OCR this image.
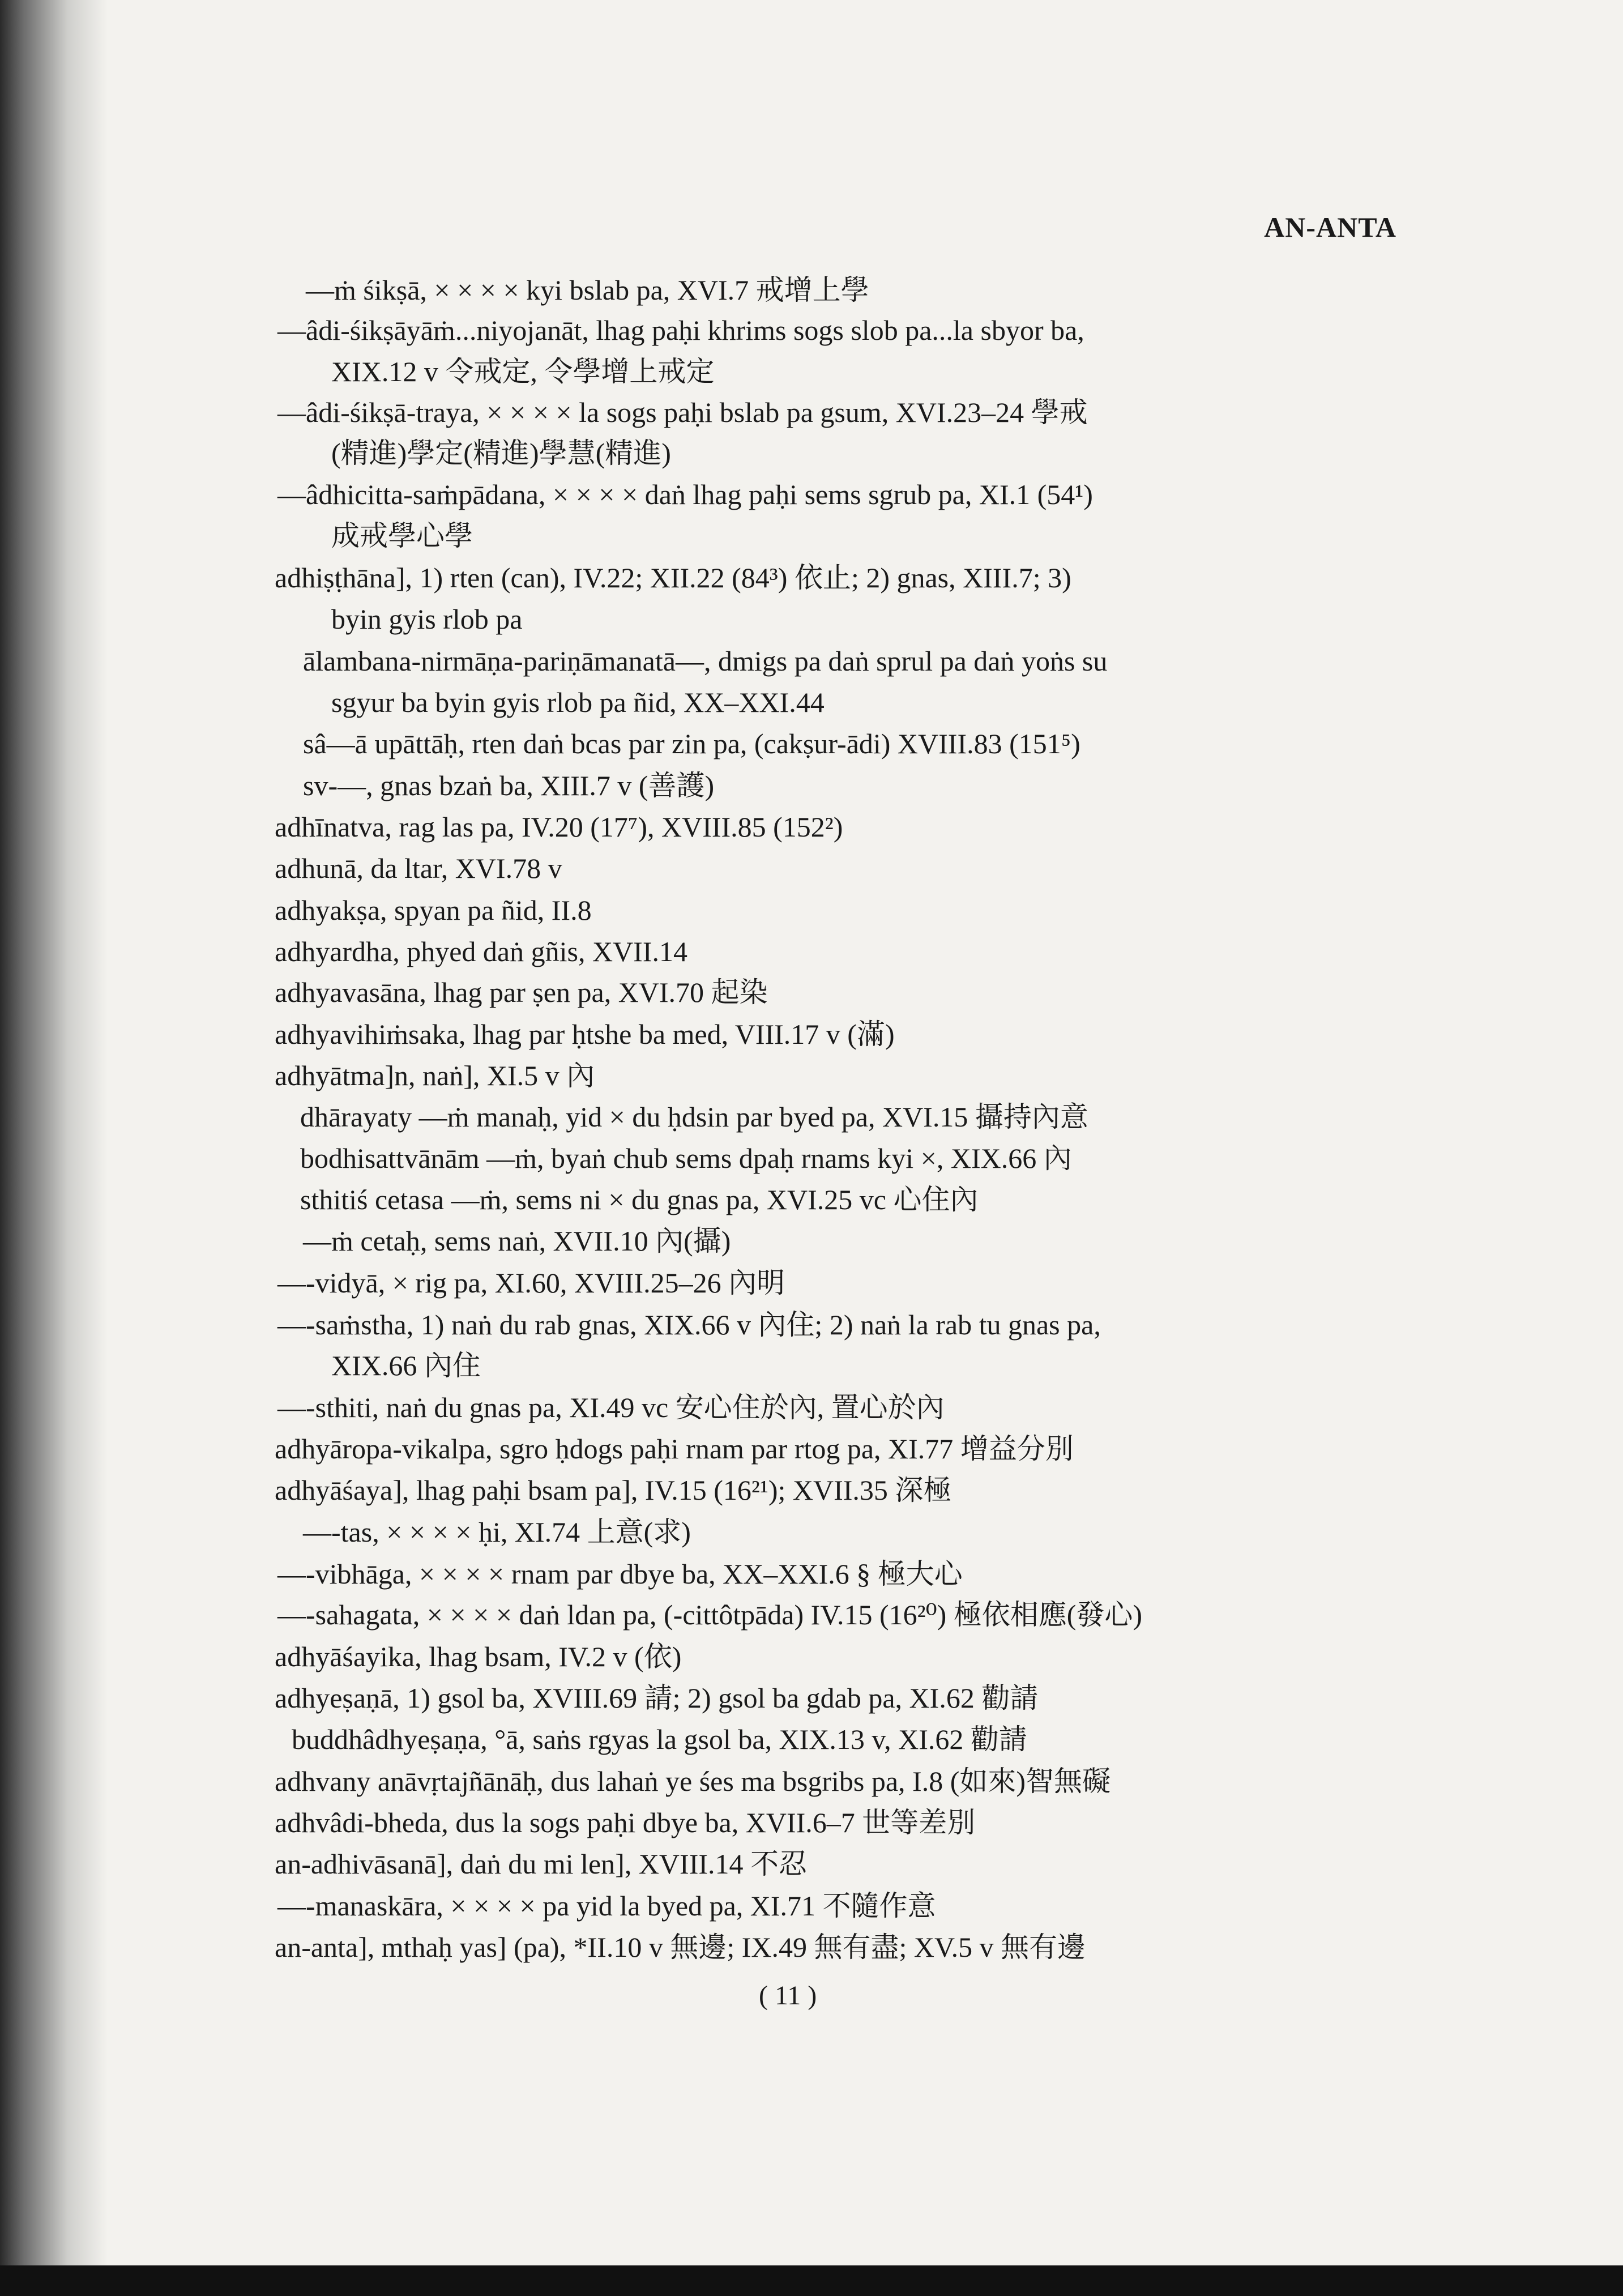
AN-ANTA
—ṁ śikṣā, × × × × kyi bslab pa, XVI.7 戒增上學
—âdi-śikṣāyāṁ...niyojanāt, lhag paḥi khrims sogs slob pa...la sbyor ba,
XIX.12 v 令戒定, 令學增上戒定
—âdi-śikṣā-traya, × × × × la sogs paḥi bslab pa gsum, XVI.23–24 學戒
(精進)學定(精進)學慧(精進)
—âdhicitta-saṁpādana, × × × × daṅ lhag paḥi sems sgrub pa, XI.1 (54¹)
成戒學心學
adhiṣṭhāna], 1) rten (can), IV.22; XII.22 (84³) 依止; 2) gnas, XIII.7; 3)
byin gyis rlob pa
ālambana-nirmāṇa-pariṇāmanatā—, dmigs pa daṅ sprul pa daṅ yoṅs su
sgyur ba byin gyis rlob pa ñid, XX–XXI.44
sâ—ā upāttāḥ, rten daṅ bcas par zin pa, (cakṣur-ādi) XVIII.83 (151⁵)
sv-—, gnas bzaṅ ba, XIII.7 v (善護)
adhīnatva, rag las pa, IV.20 (17⁷), XVIII.85 (152²)
adhunā, da ltar, XVI.78 v
adhyakṣa, spyan pa ñid, II.8
adhyardha, phyed daṅ gñis, XVII.14
adhyavasāna, lhag par ṣen pa, XVI.70 起染
adhyavihiṁsaka, lhag par ḥtshe ba med, VIII.17 v (滿)
adhyātma]n, naṅ], XI.5 v 內
dhārayaty —ṁ manaḥ, yid × du ḥdsin par byed pa, XVI.15 攝持內意
bodhisattvānām —ṁ, byaṅ chub sems dpaḥ rnams kyi ×, XIX.66 內
sthitiś cetasa —ṁ, sems ni × du gnas pa, XVI.25 vc 心住內
—ṁ cetaḥ, sems naṅ, XVII.10 內(攝)
—-vidyā, × rig pa, XI.60, XVIII.25–26 內明
—-saṁstha, 1) naṅ du rab gnas, XIX.66 v 內住; 2) naṅ la rab tu gnas pa,
XIX.66 內住
—-sthiti, naṅ du gnas pa, XI.49 vc 安心住於內, 置心於內
adhyāropa-vikalpa, sgro ḥdogs paḥi rnam par rtog pa, XI.77 增益分別
adhyāśaya], lhag paḥi bsam pa], IV.15 (16²¹); XVII.35 深極
—-tas, × × × × ḥi, XI.74 上意(求)
—-vibhāga, × × × × rnam par dbye ba, XX–XXI.6 § 極大心
—-sahagata, × × × × daṅ ldan pa, (-cittôtpāda) IV.15 (16²⁰) 極依相應(發心)
adhyāśayika, lhag bsam, IV.2 v (依)
adhyeṣaṇā, 1) gsol ba, XVIII.69 請; 2) gsol ba gdab pa, XI.62 勸請
buddhâdhyeṣaṇa, °ā, saṅs rgyas la gsol ba, XIX.13 v, XI.62 勸請
adhvany anāvṛtajñānāḥ, dus lahaṅ ye śes ma bsgribs pa, I.8 (如來)智無礙
adhvâdi-bheda, dus la sogs paḥi dbye ba, XVII.6–7 世等差別
an-adhivāsanā], daṅ du mi len], XVIII.14 不忍
—-manaskāra, × × × × pa yid la byed pa, XI.71 不隨作意
an-anta], mthaḥ yas] (pa), *II.10 v 無邊; IX.49 無有盡; XV.5 v 無有邊
( 11 )
